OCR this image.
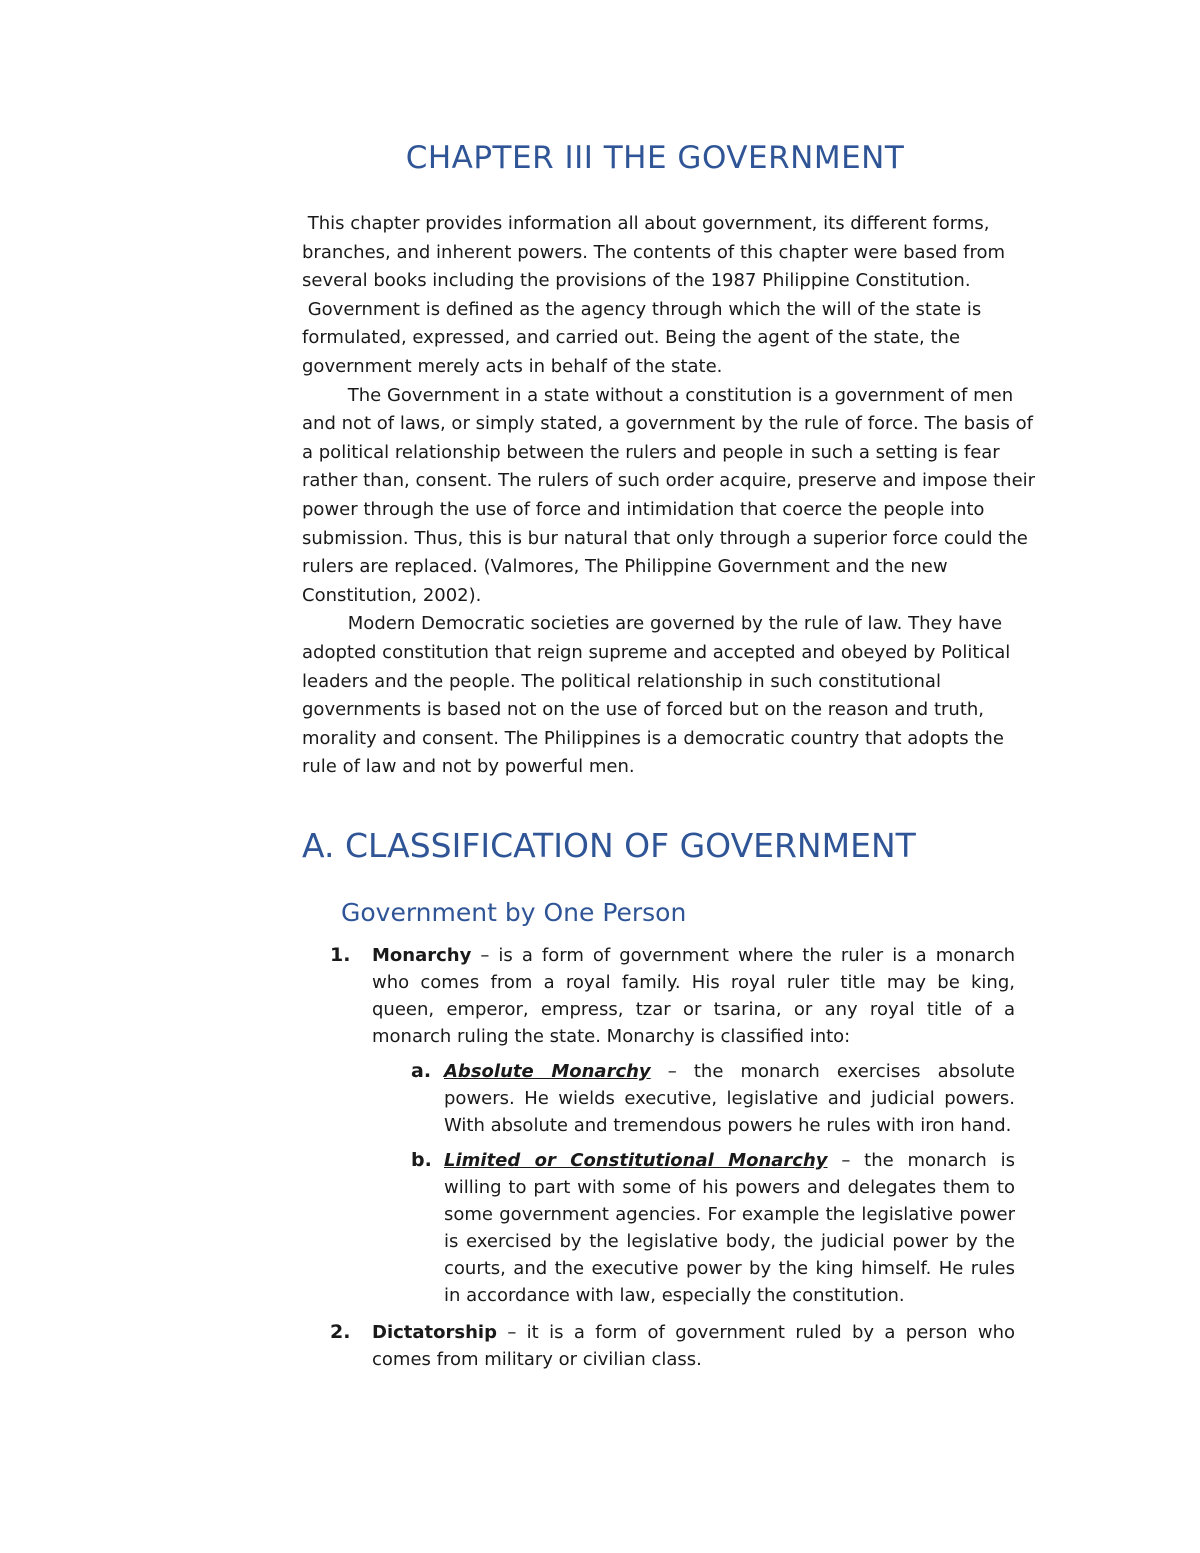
CHAPTER III THE GOVERNMENT

This chapter provides information all about government, its different forms,
branches, and inherent powers. The contents of this chapter were based from
several books including the provisions of the 1987 Philippine Constitution.
Government is defined as the agency through which the will of the state is
formulated, expressed, and carried out. Being the agent of the state, the
government merely acts in behalf of the state.

The Government in a state without a constitution is a government of men
and not of laws, or simply stated, a government by the rule of force. The basis of
a political relationship between the rulers and people in such a setting is fear
rather than, consent. The rulers of such order acquire, preserve and impose their
power through the use of force and intimidation that coerce the people into
submission. Thus, this is bur natural that only through a superior force could the
rulers are replaced. (Valmores, The Philippine Government and the new
Constitution, 2002).
Modern Democratic societies are governed by the rule of law. They have
adopted constitution that reign supreme and accepted and obeyed by Political
leaders and the people. The political relationship in such constitutional
governments is based not on the use of forced but on the reason and truth,
morality and consent. The Philippines is a democratic country that adopts the
rule of law and not by powerful men.

A. CLASSIFICATION OF GOVERNMENT
Government by One Person
1. Monarchy – is a form of government where the ruler is a monarch who comes from a royal family. His royal ruler title may be king, queen, emperor, empress, tzar or tsarina, or any royal title of a monarch ruling the state. Monarchy is classified into:
a. Absolute Monarchy – the monarch exercises absolute powers. He wields executive, legislative and judicial powers. With absolute and tremendous powers he rules with iron hand.
b. Limited or Constitutional Monarchy – the monarch is willing to part with some of his powers and delegates them to some government agencies. For example the legislative power is exercised by the legislative body, the judicial power by the courts, and the executive power by the king himself. He rules in accordance with law, especially the constitution.
2. Dictatorship – it is a form of government ruled by a person who comes from military or civilian class.
